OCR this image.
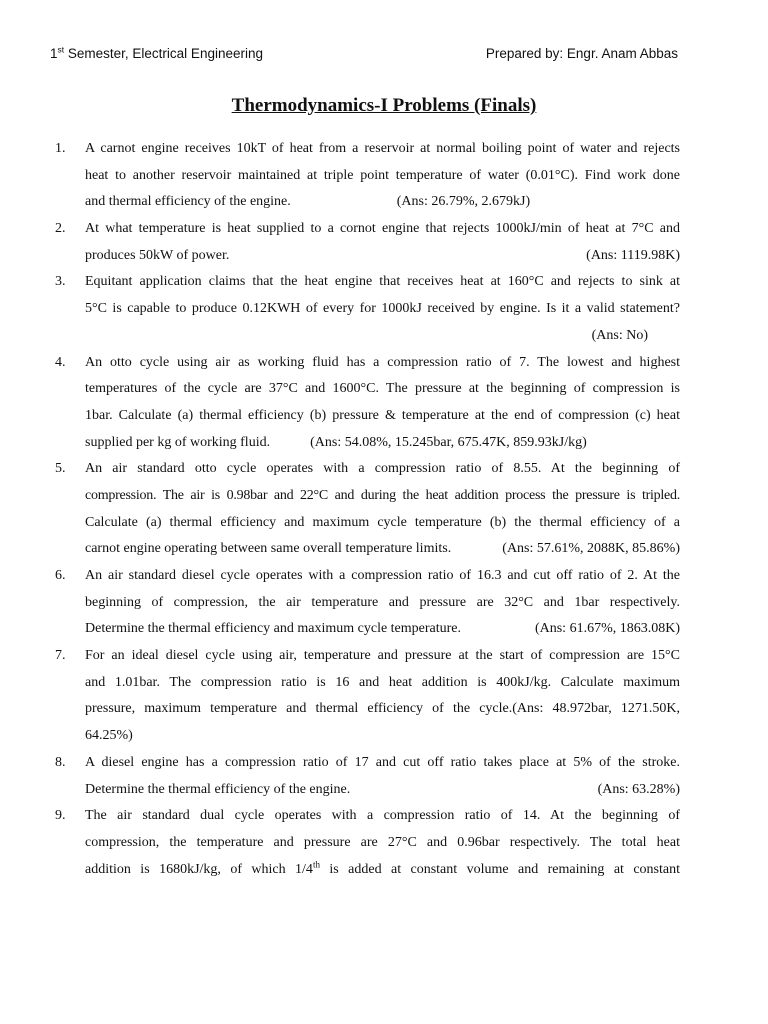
1st Semester, Electrical Engineering	Prepared by: Engr. Anam Abbas
Thermodynamics-I Problems (Finals)
1. A carnot engine receives 10kT of heat from a reservoir at normal boiling point of water and rejects
heat to another reservoir maintained at triple point temperature of water (0.01°C). Find work done
and thermal efficiency of the engine.	(Ans: 26.79%, 2.679kJ)
2. At what temperature is heat supplied to a cornot engine that rejects 1000kJ/min of heat at 7°C and
produces 50kW of power.	(Ans: 1119.98K)
3. Equitant application claims that the heat engine that receives heat at 160°C and rejects to sink at
5°C is capable to produce 0.12KWH of every for 1000kJ received by engine. Is it a valid statement?
(Ans: No)
4. An otto cycle using air as working fluid has a compression ratio of 7. The lowest and highest
temperatures of the cycle are 37°C and 1600°C. The pressure at the beginning of compression is
1bar. Calculate (a) thermal efficiency (b) pressure & temperature at the end of compression (c) heat
supplied per kg of working fluid.	(Ans: 54.08%, 15.245bar, 675.47K, 859.93kJ/kg)
5. An air standard otto cycle operates with a compression ratio of 8.55. At the beginning of
compression. The air is 0.98bar and 22°C and during the heat addition process the pressure is tripled.
Calculate (a) thermal efficiency and maximum cycle temperature (b) the thermal efficiency of a
carnot engine operating between same overall temperature limits.	(Ans: 57.61%, 2088K, 85.86%)
6. An air standard diesel cycle operates with a compression ratio of 16.3 and cut off ratio of 2. At the
beginning of compression, the air temperature and pressure are 32°C and 1bar respectively.
Determine the thermal efficiency and maximum cycle temperature.	(Ans: 61.67%, 1863.08K)
7. For an ideal diesel cycle using air, temperature and pressure at the start of compression are 15°C
and 1.01bar. The compression ratio is 16 and heat addition is 400kJ/kg. Calculate maximum
pressure, maximum temperature and thermal efficiency of the cycle.(Ans: 48.972bar, 1271.50K,
64.25%)
8. A diesel engine has a compression ratio of 17 and cut off ratio takes place at 5% of the stroke.
Determine the thermal efficiency of the engine.	(Ans: 63.28%)
9. The air standard dual cycle operates with a compression ratio of 14. At the beginning of
compression, the temperature and pressure are 27°C and 0.96bar respectively. The total heat
addition is 1680kJ/kg, of which 1/4th is added at constant volume and remaining at constant
